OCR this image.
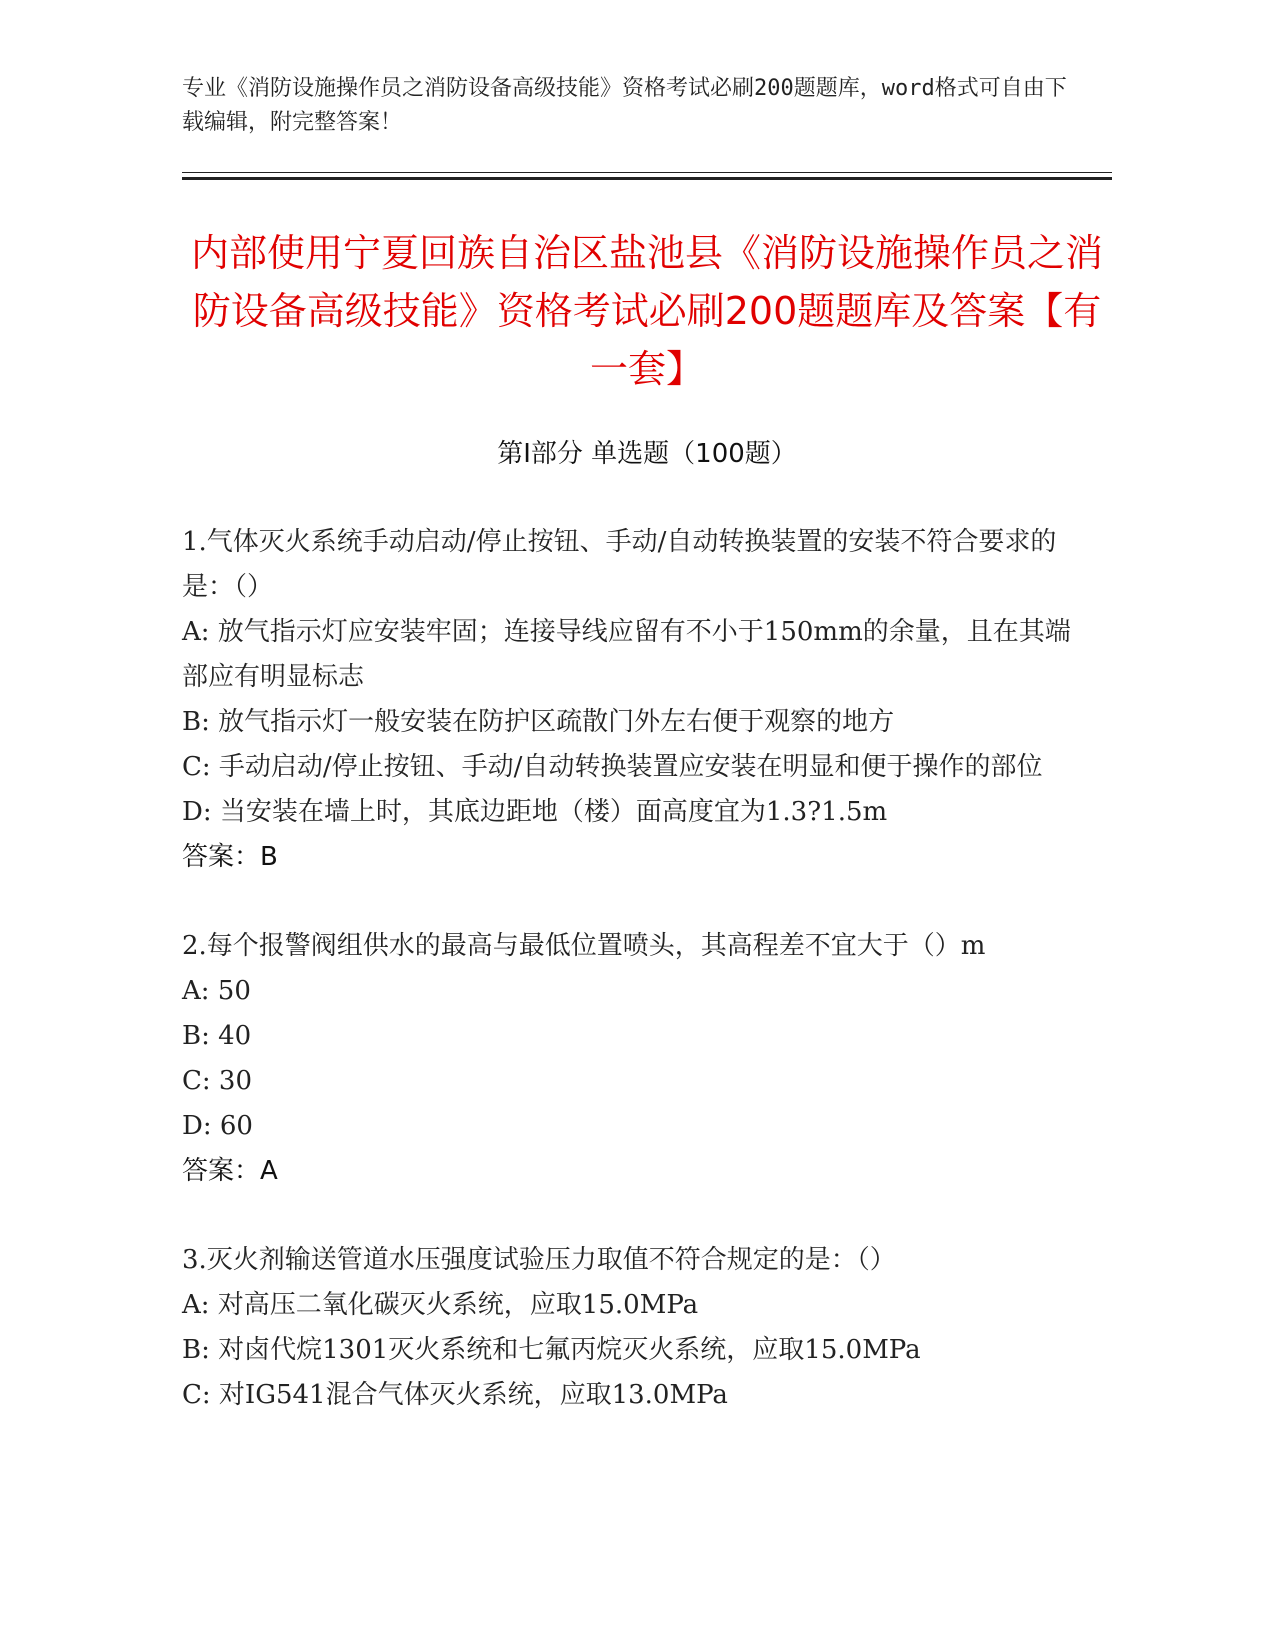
专业《消防设施操作员之消防设备高级技能》资格考试必刷200题题库，word格式可自由下载编辑，附完整答案！
内部使用宁夏回族自治区盐池县《消防设施操作员之消防设备高级技能》资格考试必刷200题题库及答案【有一套】
第Ⅰ部分 单选题（100题）

1.气体灭火系统手动启动/停止按钮、手动/自动转换装置的安装不符合要求的是：（）

A: 放气指示灯应安装牢固；连接导线应留有不小于150mm的余量，且在其端部应有明显标志

B: 放气指示灯一般安装在防护区疏散门外左右便于观察的地方

C: 手动启动/停止按钮、手动/自动转换装置应安装在明显和便于操作的部位

D: 当安装在墙上时，其底边距地（楼）面高度宜为1.3?1.5m

答案：B

2.每个报警阀组供水的最高与最低位置喷头，其高程差不宜大于（）m

A: 50

B: 40

C: 30

D: 60

答案：A

3.灭火剂输送管道水压强度试验压力取值不符合规定的是：（）

A: 对高压二氧化碳灭火系统，应取15.0MPa

B: 对卤代烷1301灭火系统和七氟丙烷灭火系统，应取15.0MPa

C: 对IG541混合气体灭火系统，应取13.0MPa
